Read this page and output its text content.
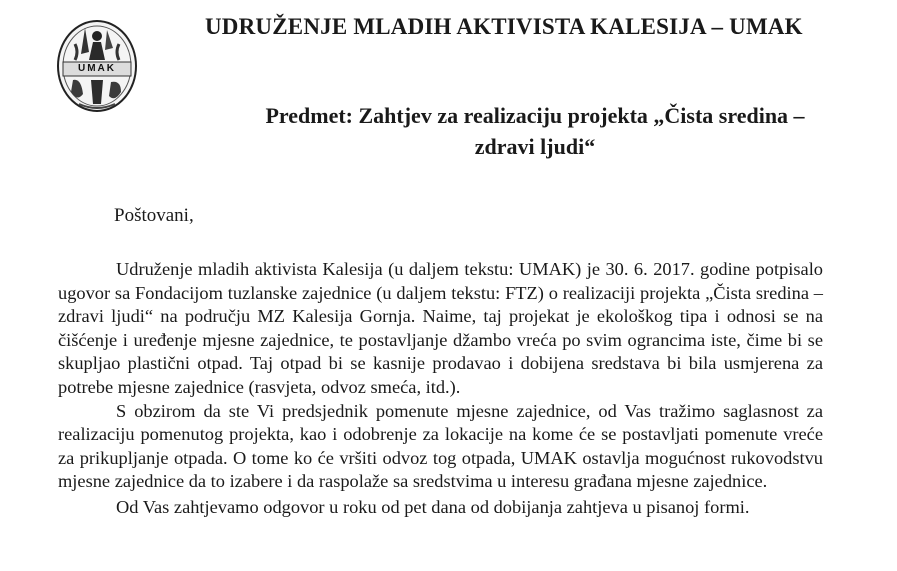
UMAK
UDRUŽENJE MLADIH AKTIVISTA KALESIJA – UMAK
Predmet: Zahtjev za realizaciju projekta „Čista sredina –
zdravi ljudi“
Poštovani,

Udruženje mladih aktivista Kalesija (u daljem tekstu: UMAK) je 30. 6. 2017. godine potpisalo ugovor sa Fondacijom tuzlanske zajednice (u daljem tekstu: FTZ) o realizaciji projekta „Čista sredina – zdravi ljudi“ na području MZ Kalesija Gornja. Naime, taj projekat je ekološkog tipa i odnosi se na čišćenje i uređenje mjesne zajednice, te postavljanje džambo vreća po svim ograncima iste, čime bi se skupljao plastični otpad. Taj otpad bi se kasnije prodavao i dobijena sredstava bi bila usmjerena za potrebe mjesne zajednice (rasvjeta, odvoz smeća, itd.).

S obzirom da ste Vi predsjednik pomenute mjesne zajednice, od Vas tražimo saglasnost za realizaciju pomenutog projekta, kao i odobrenje za lokacije na kome će se postavljati pomenute vreće za prikupljanje otpada. O tome ko će vršiti odvoz tog otpada, UMAK ostavlja mogućnost rukovodstvu mjesne zajednice da to izabere i da raspolaže sa sredstvima u interesu građana mjesne zajednice.

Od Vas zahtjevamo odgovor u roku od pet dana od dobijanja zahtjeva u pisanoj formi.
